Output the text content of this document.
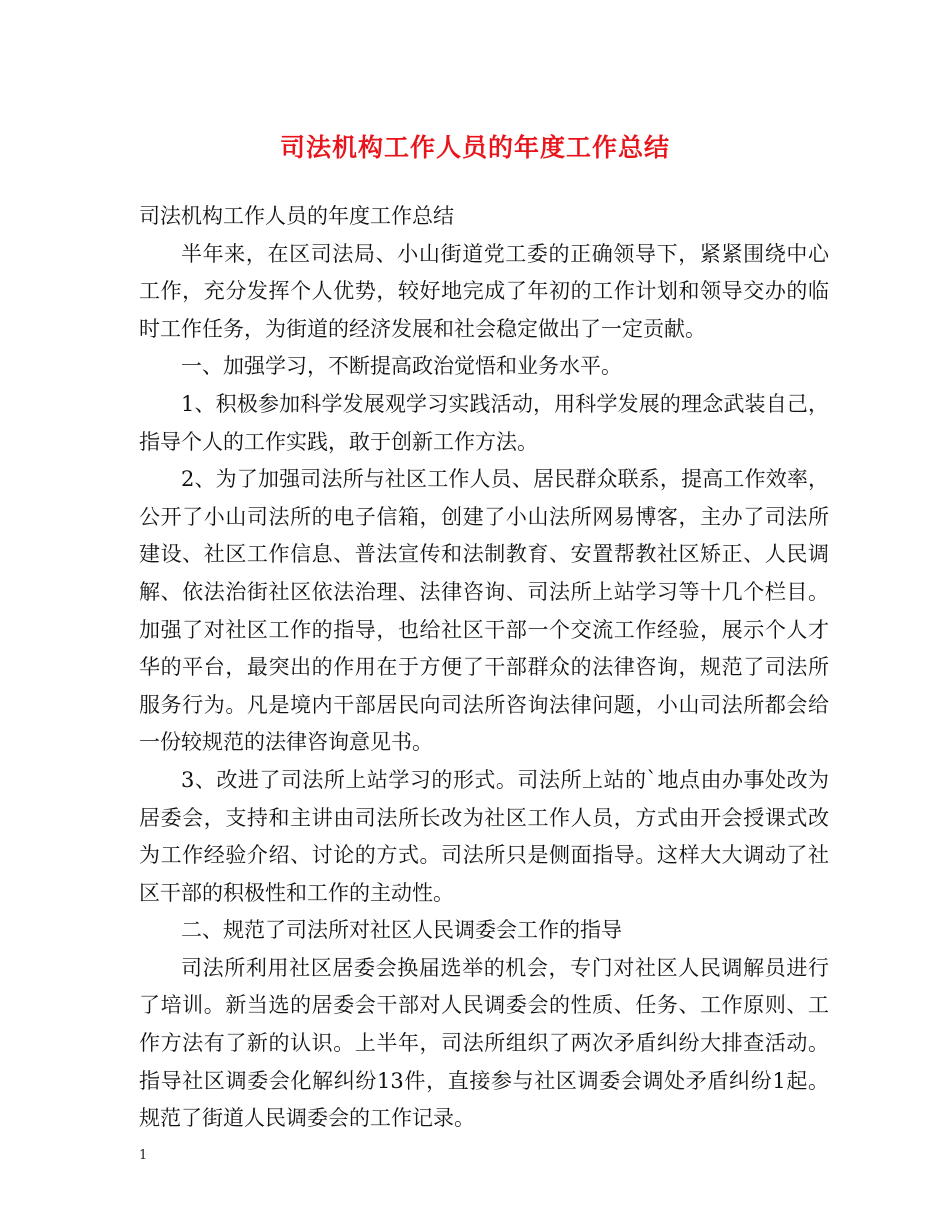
司法机构工作人员的年度工作总结

司法机构工作人员的年度工作总结

半年来，在区司法局、小山街道党工委的正确领导下，紧紧围绕中心工作，充分发挥个人优势，较好地完成了年初的工作计划和领导交办的临时工作任务，为街道的经济发展和社会稳定做出了一定贡献。

一、加强学习，不断提高政治觉悟和业务水平。

1、积极参加科学发展观学习实践活动，用科学发展的理念武装自己，指导个人的工作实践，敢于创新工作方法。

2、为了加强司法所与社区工作人员、居民群众联系，提高工作效率，公开了小山司法所的电子信箱，创建了小山法所网易博客，主办了司法所建设、社区工作信息、普法宣传和法制教育、安置帮教社区矫正、人民调解、依法治街社区依法治理、法律咨询、司法所上站学习等十几个栏目。加强了对社区工作的指导，也给社区干部一个交流工作经验，展示个人才华的平台，最突出的作用在于方便了干部群众的法律咨询，规范了司法所服务行为。凡是境内干部居民向司法所咨询法律问题，小山司法所都会给一份较规范的法律咨询意见书。

3、改进了司法所上站学习的形式。司法所上站的`地点由办事处改为居委会，支持和主讲由司法所长改为社区工作人员，方式由开会授课式改为工作经验介绍、讨论的方式。司法所只是侧面指导。这样大大调动了社区干部的积极性和工作的主动性。

二、规范了司法所对社区人民调委会工作的指导

司法所利用社区居委会换届选举的机会，专门对社区人民调解员进行了培训。新当选的居委会干部对人民调委会的性质、任务、工作原则、工作方法有了新的认识。上半年，司法所组织了两次矛盾纠纷大排查活动。指导社区调委会化解纠纷13件，直接参与社区调委会调处矛盾纠纷1起。规范了街道人民调委会的工作记录。

1
